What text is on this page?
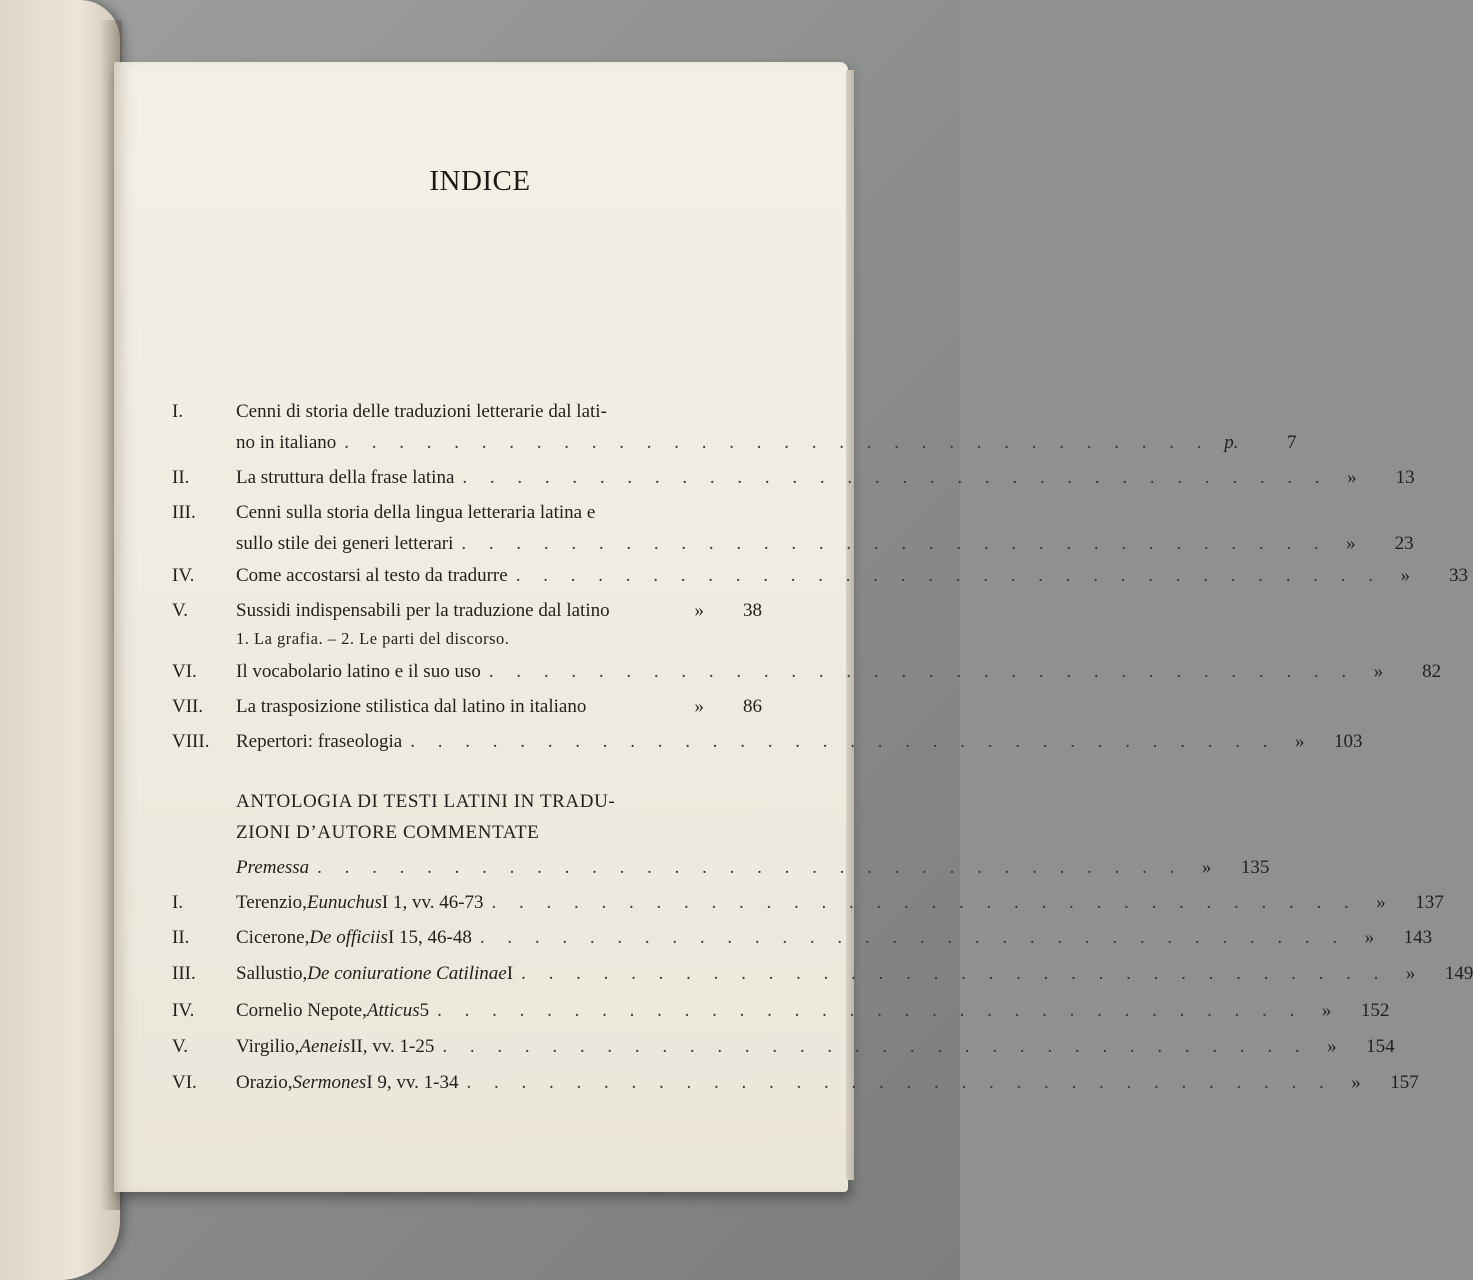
INDICE
I.	Cenni di storia delle traduzioni letterarie dal lati-
no in italiano . . . . . . . . . . . . . . . . . . . . . . . . . . . . . . . . p.	7
II. La struttura della frase latina . . . . . . . . . . . . . . . . . . . . . . . . . . . . . . . . »	13
III. Cenni sulla storia della lingua letteraria latina e
sullo stile dei generi letterari . . . . . . . . . . . . . . . . . . . . . . . . . . . . . . . . »	23
IV. Come accostarsi al testo da tradurre . . . . . . . . . . . . . . . . . . . . . . . . . . . . . . . . »	33
V.	Sussidi indispensabili per la traduzione dal latino	»	38
1. La grafia. – 2. Le parti del discorso.
VI. Il vocabolario latino e il suo uso . . . . . . . . . . . . . . . . . . . . . . . . . . . . . . . . »	82
VII. La trasposizione stilistica dal latino in italiano	»	86
VIII. Repertori: fraseologia . . . . . . . . . . . . . . . . . . . . . . . . . . . . . . . . »	103
ANTOLOGIA DI TESTI LATINI IN TRADU-
ZIONI D’AUTORE COMMENTATE
Premessa . . . . . . . . . . . . . . . . . . . . . . . . . . . . . . . . »	135
I.	Terenzio, Eunuchus I 1, vv. 46-73 . . . . . . . . . . . . . . . . . . . . . . . . . . . . . . . . »	137
II. Cicerone, De officiis I 15, 46-48 . . . . . . . . . . . . . . . . . . . . . . . . . . . . . . . . »	143
III. Sallustio, De coniuratione Catilinae I . . . . . . . . . . . . . . . . . . . . . . . . . . . . . . . . »	149
IV. Cornelio Nepote, Atticus 5 . . . . . . . . . . . . . . . . . . . . . . . . . . . . . . . . »	152
V.	Virgilio, Aeneis II, vv. 1-25 . . . . . . . . . . . . . . . . . . . . . . . . . . . . . . . . »	154
VI. Orazio, Sermones I 9, vv. 1-34 . . . . . . . . . . . . . . . . . . . . . . . . . . . . . . . . »	157
